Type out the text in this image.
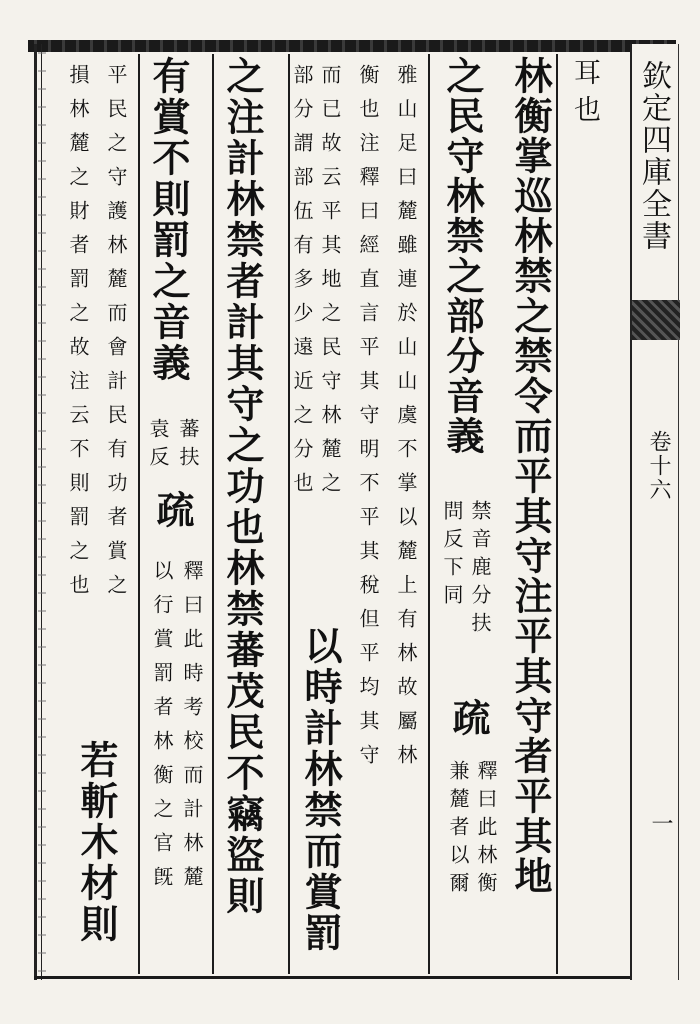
欽定四庫全書
卷十六
一
耳也
林衡掌巡林禁之禁令而平其守注平其守者平其地
之民守林禁之部分音義
禁音鹿分扶
問反下同
疏
釋曰此林衡
兼麓者以爾
雅山足曰麓雖連於山山虞不掌以麓上有林故屬林
衡也注釋曰經直言平其守明不平其稅但平均其守
而已故云平其地之民守林麓之
部分謂部伍有多少遠近之分也
以時計林禁而賞罰
之注計林禁者計其守之功也林禁蕃茂民不竊盜則
有賞不則罰之音義
蕃扶
袁反
疏
釋曰此時考校而計林麓
以行賞罰者林衡之官旣
平民之守護林麓而會計民有功者賞之
損林麓之財者罰之故注云不則罰之也
若斬木材則
